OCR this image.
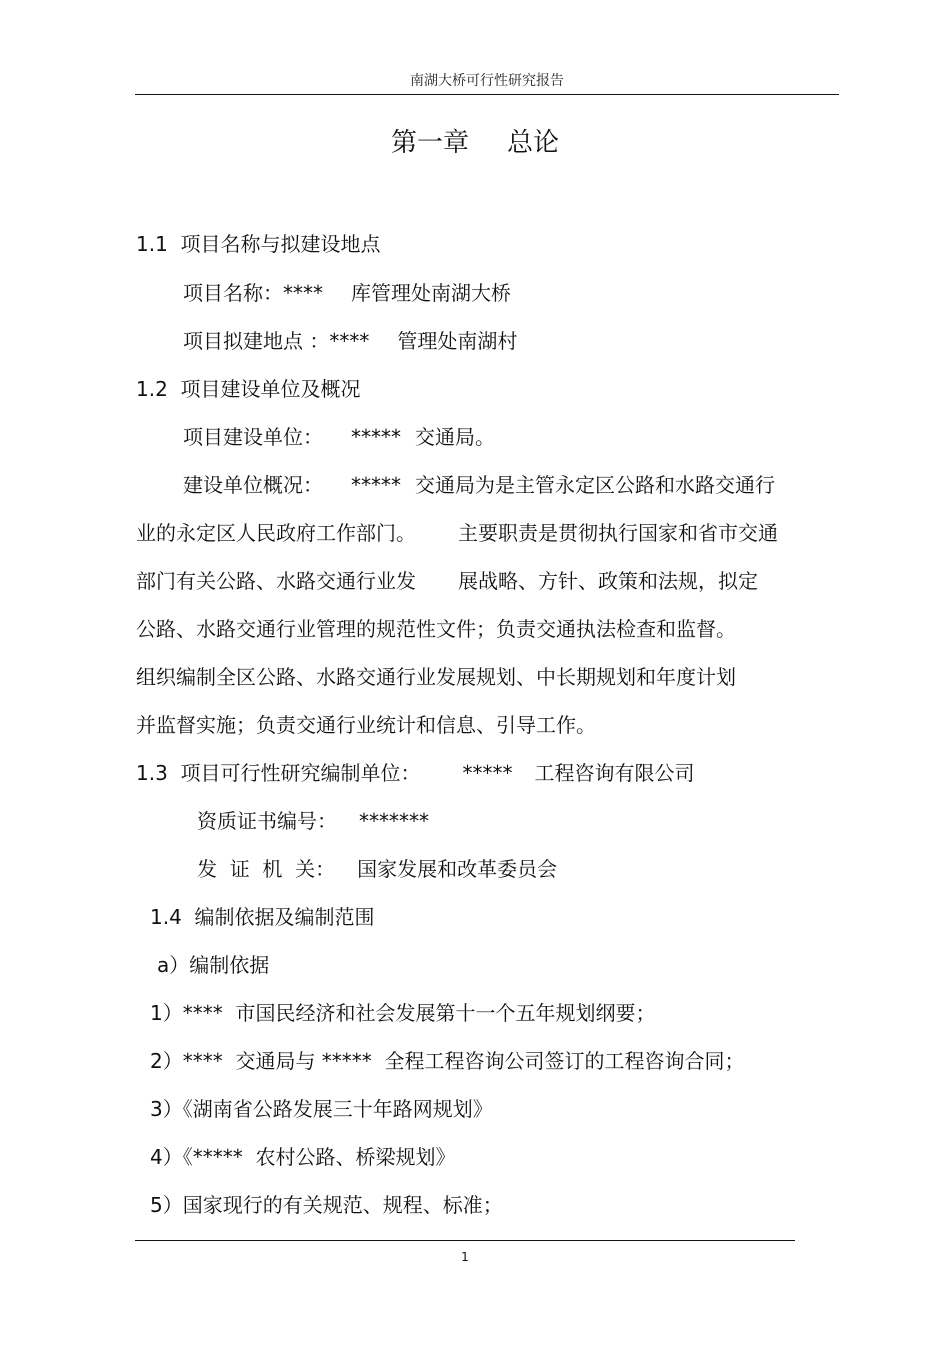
南湖大桥可行性研究报告
第一章 总论
1.1  项目名称与拟建设地点
项目名称：**** 库管理处南湖大桥
项目拟建地点 ：**** 管理处南湖村
1.2  项目建设单位及概况
项目建设单位： ***** 交通局。
建设单位概况： ***** 交通局为是主管永定区公路和水路交通行
业的永定区人民政府工作部门。 主要职责是贯彻执行国家和省市交通
部门有关公路、水路交通行业发 展战略、方针、政策和法规，拟定
公路、水路交通行业管理的规范性文件；负责交通执法检查和监督。
组织编制全区公路、水路交通行业发展规划、中长期规划和年度计划
并监督实施；负责交通行业统计和信息、引导工作。
1.3  项目可行性研究编制单位： ***** 工程咨询有限公司
资质证书编号： *******
发  证  机  关： 国家发展和改革委员会
1.4  编制依据及编制范围
a）编制依据
1）****  市国民经济和社会发展第十一个五年规划纲要；
2）****  交通局与 *****  全程工程咨询公司签订的工程咨询合同；
3）《湖南省公路发展三十年路网规划》
4）《*****  农村公路、桥梁规划》
5）国家现行的有关规范、规程、标准；
1
